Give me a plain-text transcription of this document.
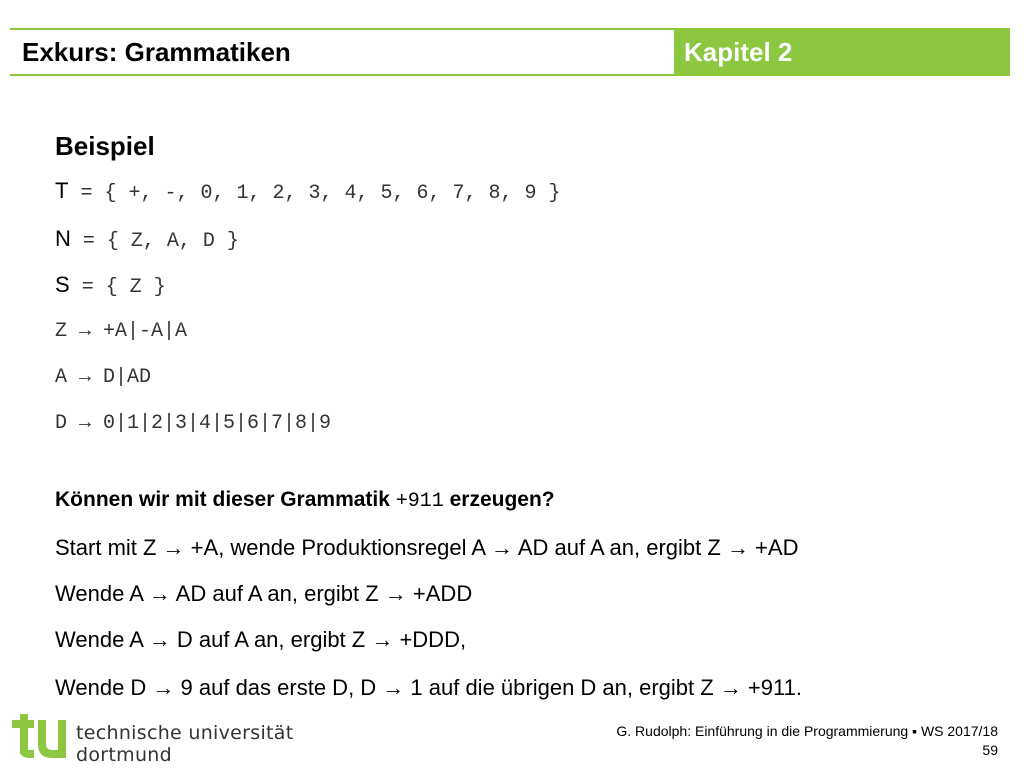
Exkurs: Grammatiken	Kapitel 2
Beispiel
T = { +, -, 0, 1, 2, 3, 4, 5, 6, 7, 8, 9 }
N = { Z, A, D }
S = { Z }
Z → +A|-A|A
A → D|AD
D → 0|1|2|3|4|5|6|7|8|9
Können wir mit dieser Grammatik +911 erzeugen?
Start mit Z → +A, wende Produktionsregel A → AD auf A an, ergibt Z → +AD
Wende A → AD auf A an, ergibt Z → +ADD
Wende A → D auf A an, ergibt Z → +DDD,
Wende D → 9 auf das erste D, D → 1 auf die übrigen D an, ergibt Z → +911.
technische universität
dortmund
G. Rudolph: Einführung in die Programmierung ▪ WS 2017/18
59
